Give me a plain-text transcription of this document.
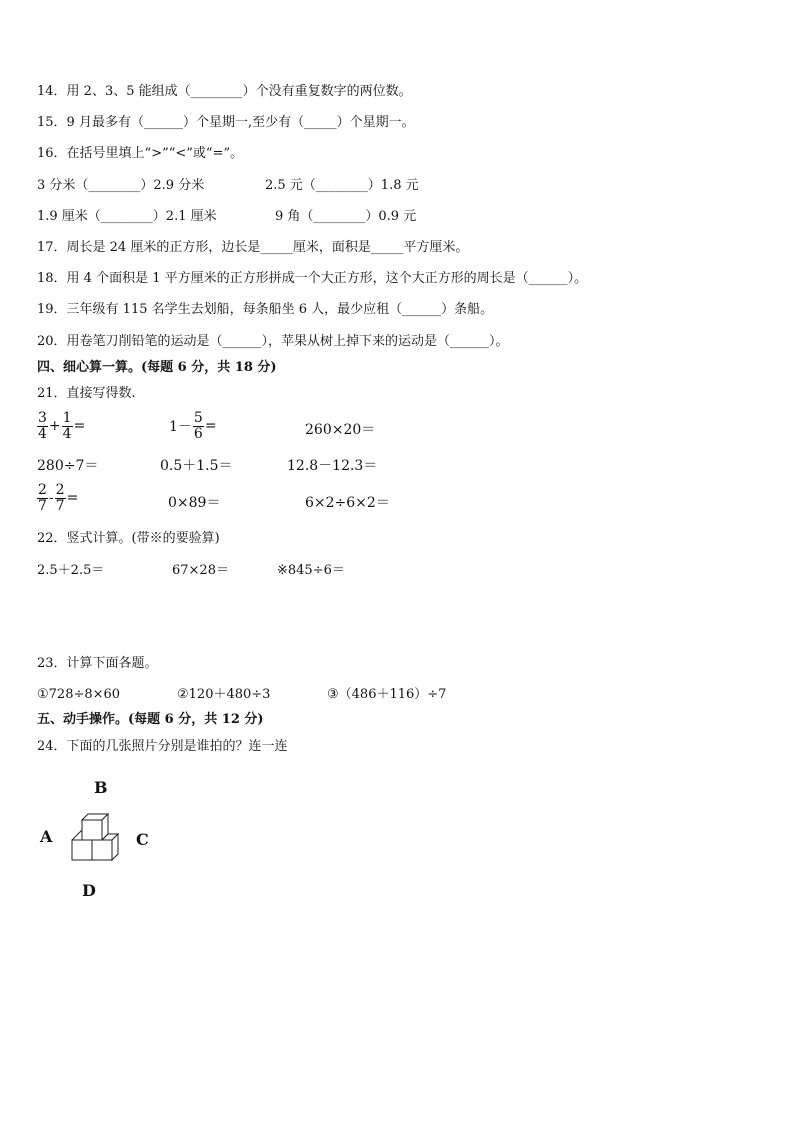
14．用 2、3、5 能组成（________）个没有重复数字的两位数。
15．9 月最多有（______）个星期一,至少有（_____）个星期一。
16．在括号里填上“>”“<”或“=”。
3 分米（________）2.9 分米	2.5 元（________）1.8 元
1.9 厘米（________）2.1 厘米	9 角（________）0.9 元
17．周长是 24 厘米的正方形，边长是_____厘米，面积是_____平方厘米。
18．用 4 个面积是 1 平方厘米的正方形拼成一个大正方形，这个大正方形的周长是（______）。
19．三年级有 115 名学生去划船，每条船坐 6 人，最少应租（______）条船。
20．用卷笔刀削铅笔的运动是（______），苹果从树上掉下来的运动是（______）。
四、细心算一算。(每题 6 分，共 18 分)
21．直接写得数.
$\frac{3}{4} + \frac{1}{4}$ =	$1- \frac{5}{6}$ =	260×20＝
280÷7＝	0.5＋1.5＝	12.8－12.3＝
$\frac{2}{7} - \frac{2}{7}$ =	0×89＝	6×2÷6×2＝
22．竖式计算。(带※的要验算)
2.5＋2.5＝	67×28＝	※845÷6＝
23．计算下面各题。
①728÷8×60	②120＋480÷3	③（486＋116）÷7
五、动手操作。(每题 6 分，共 12 分)
24．下面的几张照片分别是谁拍的？连一连
B
A	C
D
